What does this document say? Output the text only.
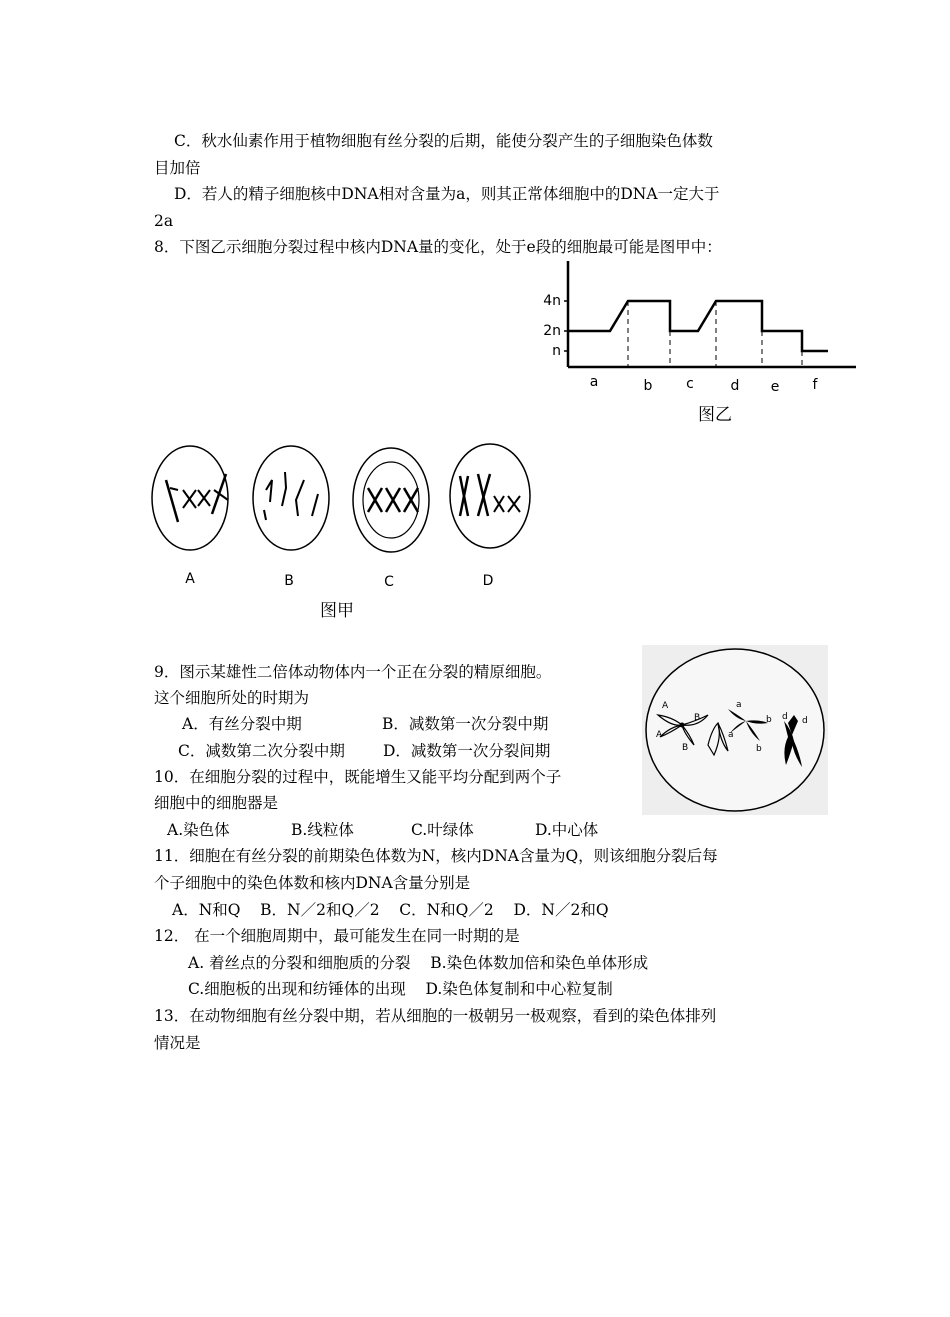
C．秋水仙素作用于植物细胞有丝分裂的后期，能使分裂产生的子细胞染色体数
目加倍
D．若人的精子细胞核中DNA相对含量为a，则其正常体细胞中的DNA一定大于
2a
8．下图乙示细胞分裂过程中核内DNA量的变化，处于e段的细胞最可能是图甲中：
4n
2n
n
a	b c	d e f
图乙
A	B	C	D
图甲
9．图示某雄性二倍体动物体内一个正在分裂的精原细胞。
这个细胞所处的时期为
A．有丝分裂中期	B．减数第一次分裂中期
C．减数第二次分裂中期 D．减数第一次分裂间期
A
B
A
B
a
a
b
b
d d
10．在细胞分裂的过程中，既能增生又能平均分配到两个子
细胞中的细胞器是
A.染色体	B.线粒体	C.叶绿体	D.中心体
11．细胞在有丝分裂的前期染色体数为N，核内DNA含量为Q，则该细胞分裂后每
个子细胞中的染色体数和核内DNA含量分别是
A．N和Q    B．N／2和Q／2    C．N和Q／2    D．N／2和Q
12． 在一个细胞周期中，最可能发生在同一时期的是
A. 着丝点的分裂和细胞质的分裂    B.染色体数加倍和染色单体形成
C.细胞板的出现和纺锤体的出现    D.染色体复制和中心粒复制
13．在动物细胞有丝分裂中期，若从细胞的一极朝另一极观察，看到的染色体排列
情况是
